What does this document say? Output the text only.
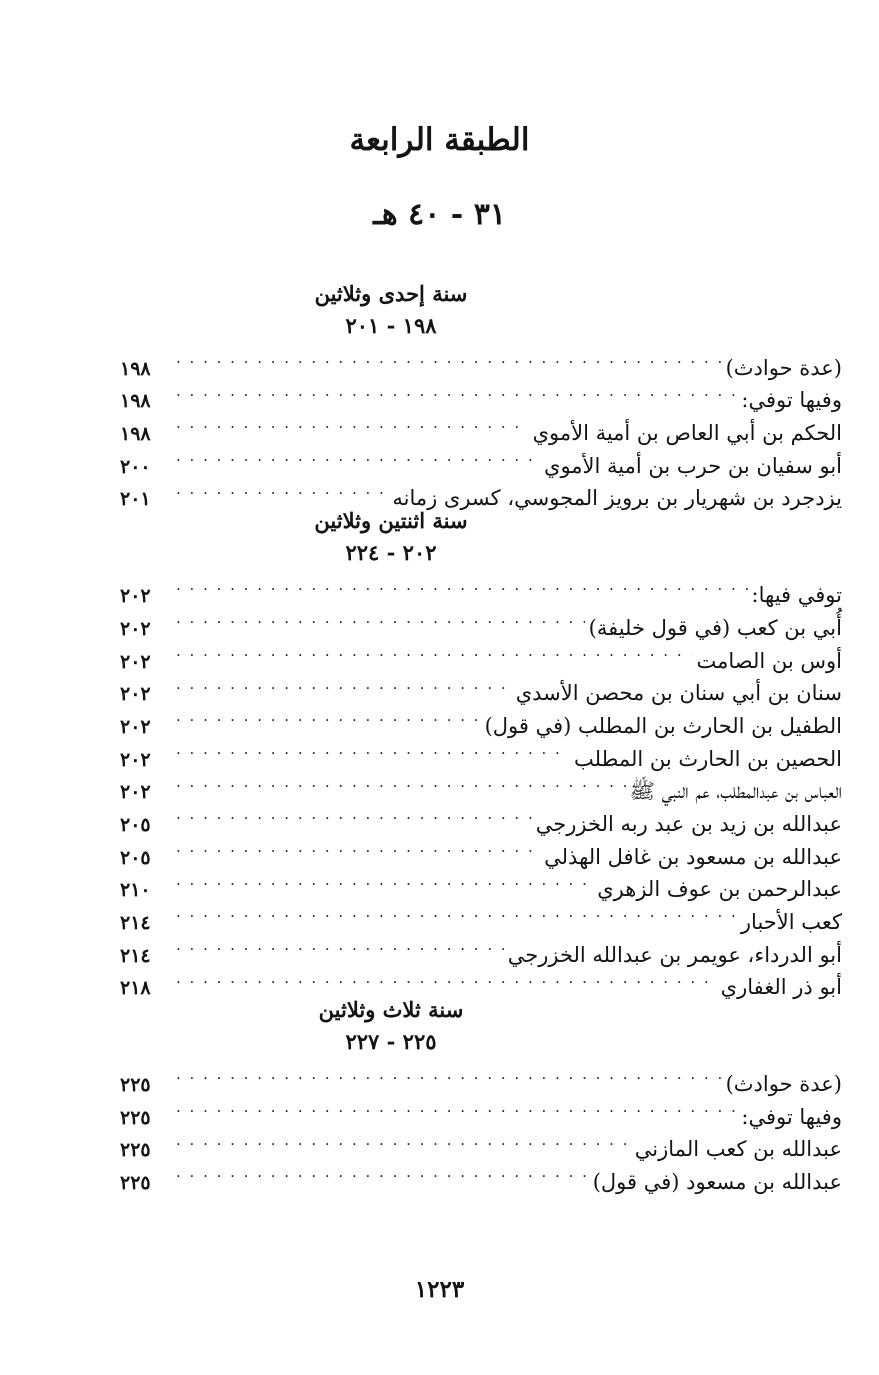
الطبقة الرابعة
٣١ - ٤٠ هـ
سنة إحدى وثلاثين
١٩٨ - ٢٠١
(عدة حوادث)
. . .
١٩٨
وفيها توفي:
. . .
١٩٨
الحكم بن أبي العاص بن أمية الأموي
. . .
١٩٨
أبو سفيان بن حرب بن أمية الأموي
. . .
٢٠٠
يزدجرد بن شهريار بن برويز المجوسي، كسرى زمانه
. . .
٢٠١
سنة اثنتين وثلاثين
٢٠٢ - ٢٢٤
توفي فيها:
. . .
٢٠٢
أُبي بن كعب (في قول خليفة)
. . .
٢٠٢
أوس بن الصامت
. . .
٢٠٢
سنان بن أبي سنان بن محصن الأسدي
. . .
٢٠٢
الطفيل بن الحارث بن المطلب (في قول)
. . .
٢٠٢
الحصين بن الحارث بن المطلب
. . .
٢٠٢
العباس بن عبدالمطلب، عم النبي ﷺ
. . .
٢٠٢
عبدالله بن زيد بن عبد ربه الخزرجي
. . .
٢٠٥
عبدالله بن مسعود بن غافل الهذلي
. . .
٢٠٥
عبدالرحمن بن عوف الزهري
. . .
٢١٠
كعب الأحبار
. . .
٢١٤
أبو الدرداء، عويمر بن عبدالله الخزرجي
. . .
٢١٤
أبو ذر الغفاري
. . .
٢١٨
سنة ثلاث وثلاثين
٢٢٥ - ٢٢٧
(عدة حوادث)
. . .
٢٢٥
وفيها توفي:
. . .
٢٢٥
عبدالله بن كعب المازني
. . .
٢٢٥
عبدالله بن مسعود (في قول)
. . .
٢٢٥
١٢٢٣
